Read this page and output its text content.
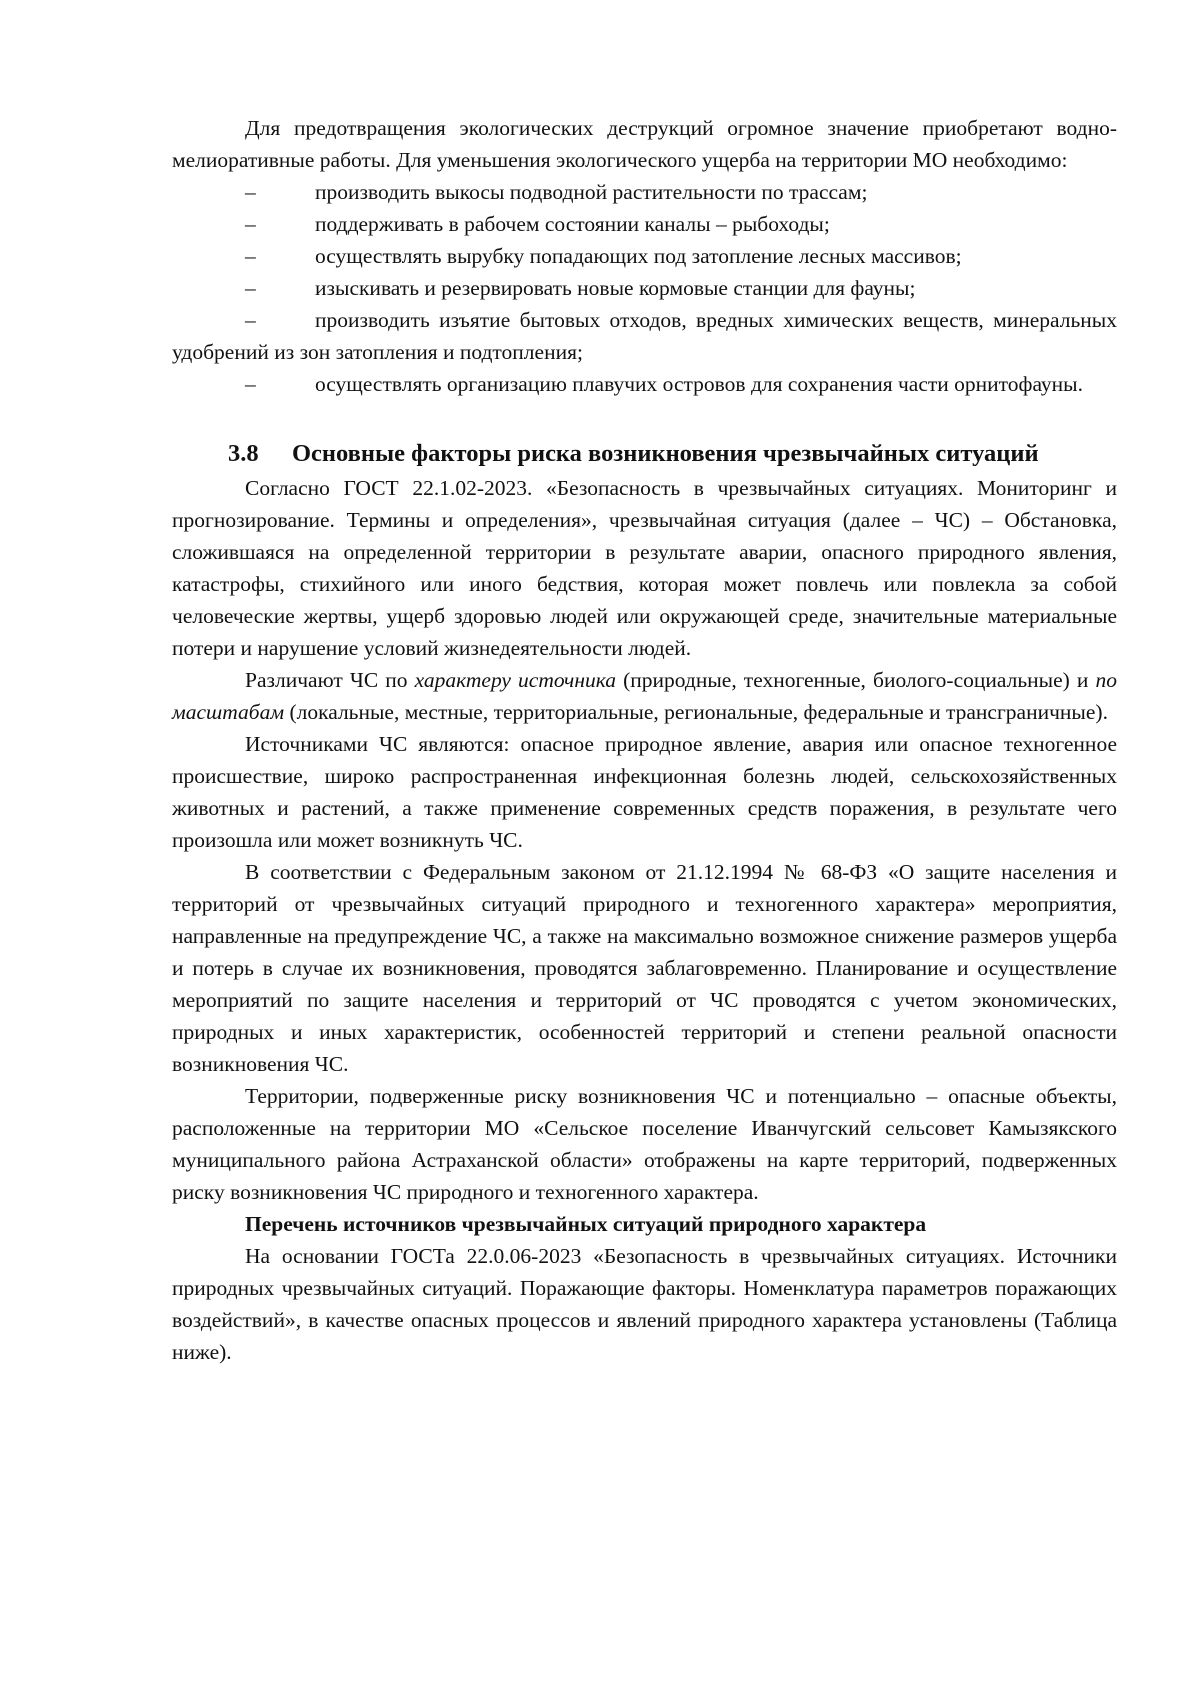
Для предотвращения экологических деструкций огромное значение приобретают водно-мелиоративные работы. Для уменьшения экологического ущерба на территории МО необходимо:

–	производить выкосы подводной растительности по трассам;

–	поддерживать в рабочем состоянии каналы – рыбоходы;

–	осуществлять вырубку попадающих под затопление лесных массивов;

–	изыскивать и резервировать новые кормовые станции для фауны;

–	производить изъятие бытовых отходов, вредных химических веществ, минеральных удобрений из зон затопления и подтопления;

–	осуществлять организацию плавучих островов для сохранения части орнитофауны.

3.8 Основные факторы риска возникновения чрезвычайных ситуаций

Согласно ГОСТ 22.1.02-2023. «Безопасность в чрезвычайных ситуациях. Мониторинг и прогнозирование. Термины и определения», чрезвычайная ситуация (далее – ЧС) – Обстановка, сложившаяся на определенной территории в результате аварии, опасного природного явления, катастрофы, стихийного или иного бедствия, которая может повлечь или повлекла за собой человеческие жертвы, ущерб здоровью людей или окружающей среде, значительные материальные потери и нарушение условий жизнедеятельности людей.

Различают ЧС по характеру источника (природные, техногенные, биолого-социальные) и по масштабам (локальные, местные, территориальные, региональные, федеральные и трансграничные).

Источниками ЧС являются: опасное природное явление, авария или опасное техногенное происшествие, широко распространенная инфекционная болезнь людей, сельскохозяйственных животных и растений, а также применение современных средств поражения, в результате чего произошла или может возникнуть ЧС.

В соответствии с Федеральным законом от 21.12.1994 № 68-ФЗ «О защите населения и территорий от чрезвычайных ситуаций природного и техногенного характера» мероприятия, направленные на предупреждение ЧС, а также на максимально возможное снижение размеров ущерба и потерь в случае их возникновения, проводятся заблаговременно. Планирование и осуществление мероприятий по защите населения и территорий от ЧС проводятся с учетом экономических, природных и иных характеристик, особенностей территорий и степени реальной опасности возникновения ЧС.

Территории, подверженные риску возникновения ЧС и потенциально – опасные объекты, расположенные на территории МО «Сельское поселение Иванчугский сельсовет Камызякского муниципального района Астраханской области» отображены на карте территорий, подверженных риску возникновения ЧС природного и техногенного характера.

Перечень источников чрезвычайных ситуаций природного характера

На основании ГОСТа 22.0.06-2023 «Безопасность в чрезвычайных ситуациях. Источники природных чрезвычайных ситуаций. Поражающие факторы. Номенклатура параметров поражающих воздействий», в качестве опасных процессов и явлений природного характера установлены (Таблица ниже).
